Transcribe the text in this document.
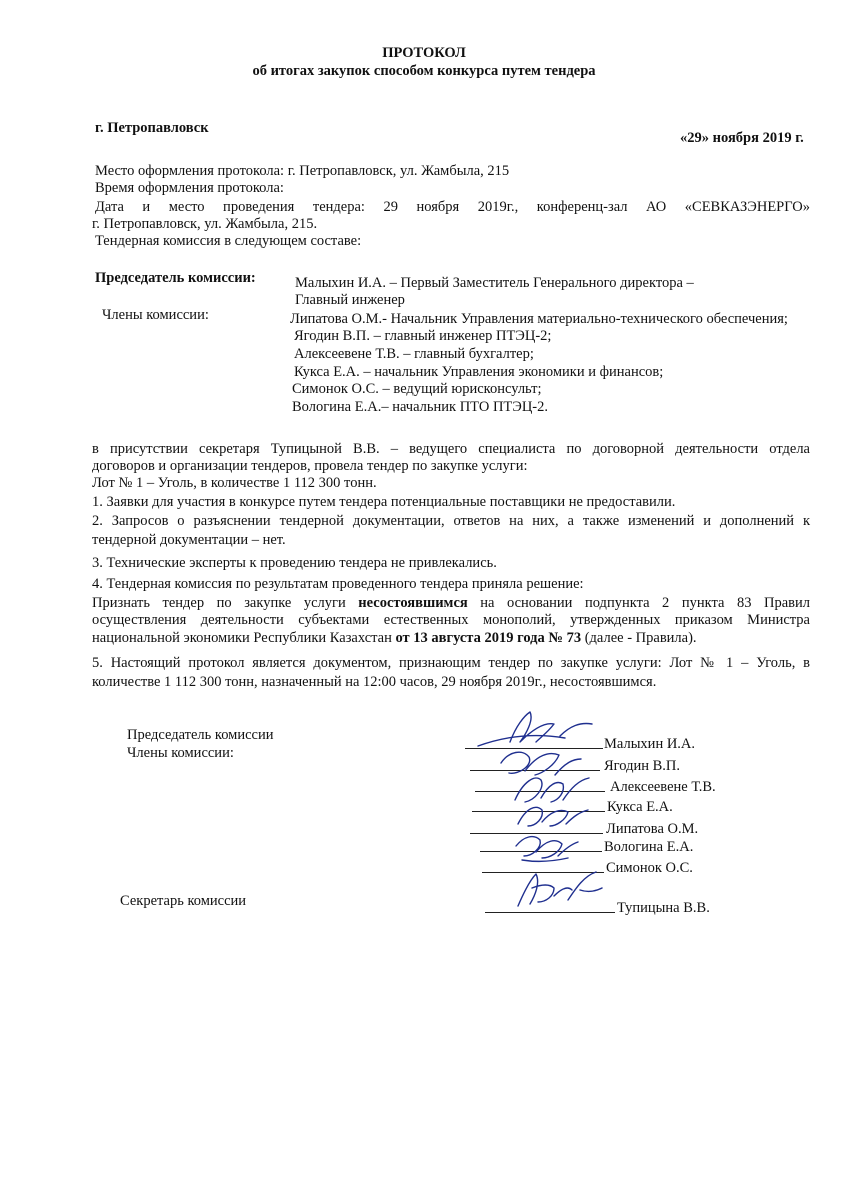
ПРОТОКОЛ
об итогах закупок способом конкурса путем тендера
г. Петропавловск
«29» ноября 2019 г.
Место оформления протокола: г. Петропавловск, ул. Жамбыла, 215
Время оформления протокола:
Дата и место проведения тендера: 29 ноября 2019г., конференц-зал АО «СЕВКАЗЭНЕРГО»
г. Петропавловск, ул. Жамбыла, 215.
Тендерная комиссия в следующем составе:
Председатель комиссии:	Малыхин И.А. – Первый Заместитель Генерального директора –
Главный инженер
Члены комиссии:	Липатова О.М.- Начальник Управления материально-технического обеспечения;
Ягодин В.П. – главный инженер ПТЭЦ-2;
Алексеевене Т.В. – главный бухгалтер;
Кукса Е.А. – начальник Управления экономики и финансов;
Симонок О.С. – ведущий юрисконсульт;
Вологина Е.А.– начальник ПТО ПТЭЦ-2.
в присутствии секретаря Тупицыной В.В. – ведущего специалиста по договорной деятельности отдела
договоров и организации тендеров, провела тендер по закупке услуги:
Лот № 1 – Уголь, в количестве 1 112 300 тонн.
1. Заявки для участия в конкурсе путем тендера потенциальные поставщики не предоставили.
2. Запросов о разъяснении тендерной документации, ответов на них, а также изменений и дополнений к
тендерной документации – нет.
3. Технические эксперты к проведению тендера не привлекались.
4. Тендерная комиссия по результатам проведенного тендера приняла решение:
Признать тендер по закупке услуги несостоявшимся на основании подпункта 2 пункта 83 Правил
осуществления деятельности субъектами естественных монополий, утвержденных приказом Министра
национальной экономики Республики Казахстан от 13 августа 2019 года № 73 (далее - Правила).
5. Настоящий протокол является документом, признающим тендер по закупке услуги: Лот № 1 – Уголь, в
количестве 1 112 300 тонн, назначенный на 12:00 часов, 29 ноября 2019г., несостоявшимся.
Председатель комиссии
Члены комиссии:
Секретарь комиссии
Малыхин И.А.
Ягодин В.П.
Алексеевене Т.В.
Кукса Е.А.
Липатова О.М.
Вологина Е.А.
Симонок О.С.
Тупицына В.В.
